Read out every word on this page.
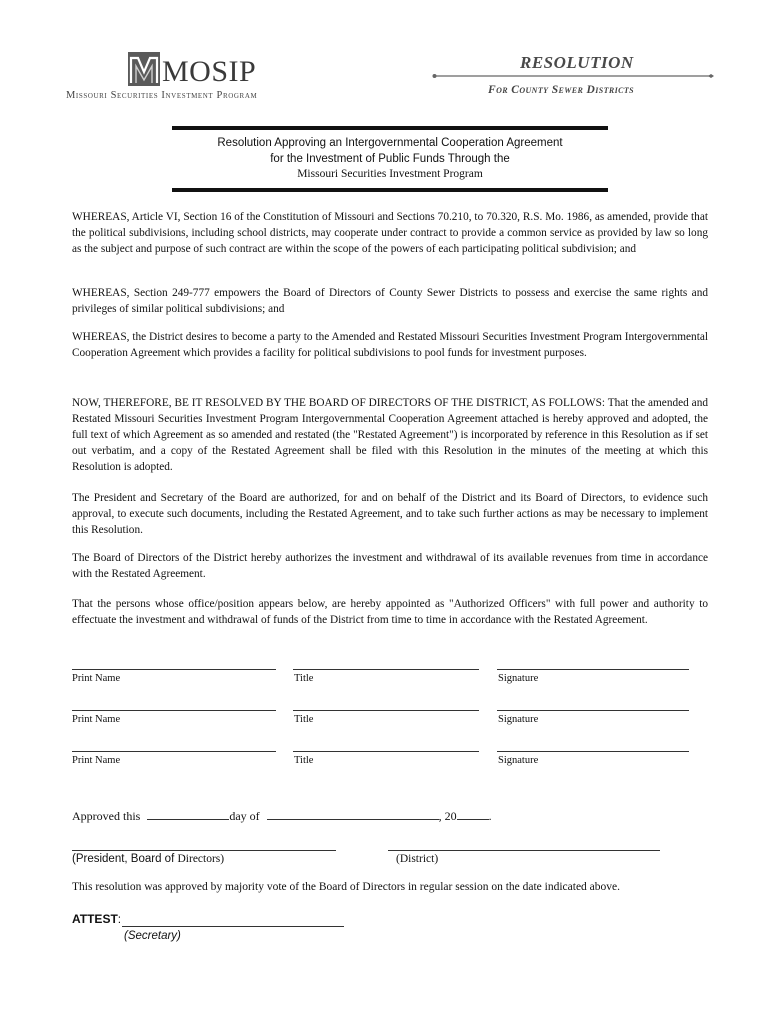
MOSIP
Missouri Securities Investment Program
RESOLUTION
For County Sewer Districts
Resolution Approving an Intergovernmental Cooperation Agreement
for the Investment of Public Funds Through the
Missouri Securities Investment Program

WHEREAS, Article VI, Section 16 of the Constitution of Missouri and Sections 70.210, to 70.320, R.S. Mo. 1986, as amended, provide that the political subdivisions, including school districts, may cooperate under contract to provide a common service as provided by law so long as the subject and purpose of such contract are within the scope of the powers of each participating political subdivision; and

WHEREAS, Section 249-777 empowers the Board of Directors of County Sewer Districts to possess and exercise the same rights and privileges of similar political subdivisions; and

WHEREAS, the District desires to become a party to the Amended and Restated Missouri Securities Investment Program Intergovernmental Cooperation Agreement which provides a facility for political subdivisions to pool funds for investment purposes.

NOW, THEREFORE, BE IT RESOLVED BY THE BOARD OF DIRECTORS OF THE DISTRICT, AS FOLLOWS: That the amended and Restated Missouri Securities Investment Program Intergovernmental Cooperation Agreement attached is hereby approved and adopted, the full text of which Agreement as so amended and restated (the "Restated Agreement") is incorporated by reference in this Resolution as if set out verbatim, and a copy of the Restated Agreement shall be filed with this Resolution in the minutes of the meeting at which this Resolution is adopted.

The President and Secretary of the Board are authorized, for and on behalf of the District and its Board of Directors, to evidence such approval, to execute such documents, including the Restated Agreement, and to take such further actions as may be necessary to implement this Resolution.

The Board of Directors of the District hereby authorizes the investment and withdrawal of its available revenues from time in accordance with the Restated Agreement.

That the persons whose office/position appears below, are hereby appointed as "Authorized Officers" with full power and authority to effectuate the investment and withdrawal of funds of the District from time to time in accordance with the Restated Agreement.

Print Name	Title	Signature
Print Name	Title	Signature
Print Name	Title	Signature
Approved this	day of	, 20	.
(President, Board of Directors)	(District)
This resolution was approved by majority vote of the Board of Directors in regular session on the date indicated above.
ATTEST:
(Secretary)
